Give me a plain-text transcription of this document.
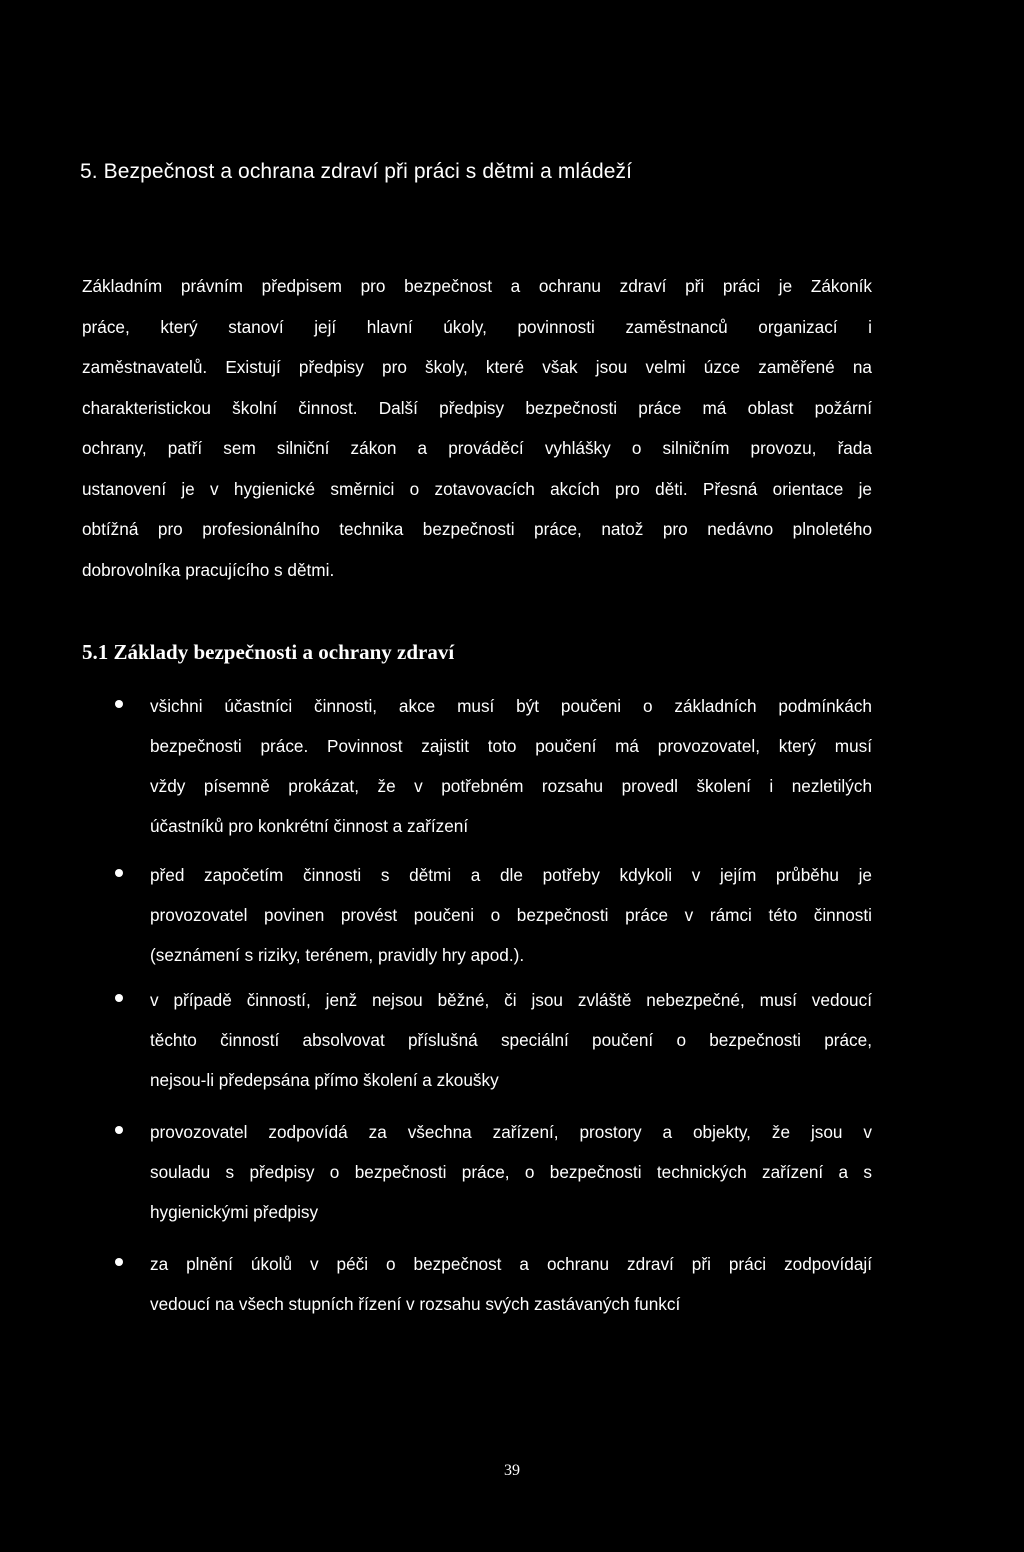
5. Bezpečnost a ochrana zdraví při práci s dětmi a mládeží
Základním právním předpisem pro bezpečnost a ochranu zdraví při práci je Zákoník
práce, který stanoví její hlavní úkoly, povinnosti zaměstnanců organizací i
zaměstnavatelů. Existují předpisy pro školy, které však jsou velmi úzce zaměřené na
charakteristickou školní činnost. Další předpisy bezpečnosti práce má oblast požární
ochrany, patří sem silniční zákon a prováděcí vyhlášky o silničním provozu, řada
ustanovení je v hygienické směrnici o zotavovacích akcích pro děti. Přesná orientace je
obtížná pro profesionálního technika bezpečnosti práce, natož pro nedávno plnoletého
dobrovolníka pracujícího s dětmi.
5.1 Základy bezpečnosti a ochrany zdraví
všichni účastníci činnosti, akce musí být poučeni o základních podmínkách
bezpečnosti práce. Povinnost zajistit toto poučení má provozovatel, který musí
vždy písemně prokázat, že v potřebném rozsahu provedl školení i nezletilých
účastníků pro konkrétní činnost a zařízení
před započetím činnosti s dětmi a dle potřeby kdykoli v jejím průběhu je
provozovatel povinen provést poučeni o bezpečnosti práce v rámci této činnosti
(seznámení s riziky, terénem, pravidly hry apod.).
v případě činností, jenž nejsou běžné, či jsou zvláště nebezpečné, musí vedoucí
těchto činností absolvovat příslušná speciální poučení o bezpečnosti práce,
nejsou-li předepsána přímo školení a zkoušky
provozovatel zodpovídá za všechna zařízení, prostory a objekty, že jsou v
souladu s předpisy o bezpečnosti práce, o bezpečnosti technických zařízení a s
hygienickými předpisy
za plnění úkolů v péči o bezpečnost a ochranu zdraví při práci zodpovídají
vedoucí na všech stupních řízení v rozsahu svých zastávaných funkcí
39
